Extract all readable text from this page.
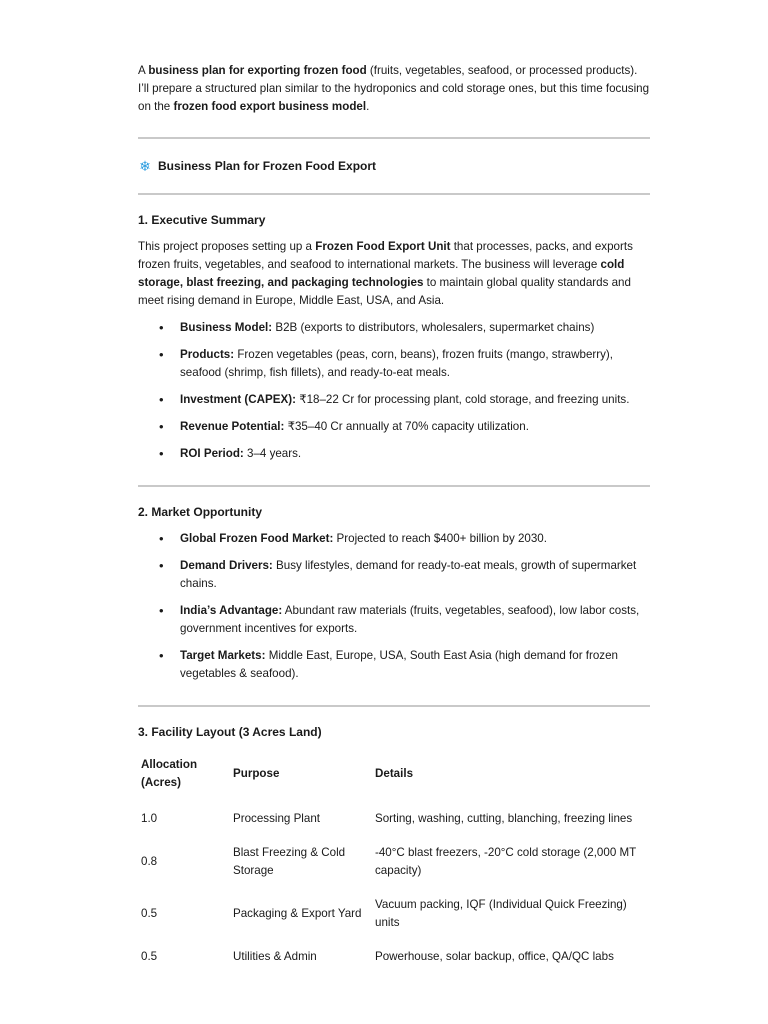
A business plan for exporting frozen food (fruits, vegetables, seafood, or processed products). I’ll prepare a structured plan similar to the hydroponics and cold storage ones, but this time focusing on the frozen food export business model.

❄ Business Plan for Frozen Food Export
1. Executive Summary

This project proposes setting up a Frozen Food Export Unit that processes, packs, and exports frozen fruits, vegetables, and seafood to international markets. The business will leverage cold storage, blast freezing, and packaging technologies to maintain global quality standards and meet rising demand in Europe, Middle East, USA, and Asia.

• Business Model: B2B (exports to distributors, wholesalers, supermarket chains)
• Products: Frozen vegetables (peas, corn, beans), frozen fruits (mango, strawberry), seafood (shrimp, fish fillets), and ready-to-eat meals.
• Investment (CAPEX): ₹18–22 Cr for processing plant, cold storage, and freezing units.
• Revenue Potential: ₹35–40 Cr annually at 70% capacity utilization.
• ROI Period: 3–4 years.
2. Market Opportunity
• Global Frozen Food Market: Projected to reach $400+ billion by 2030.
• Demand Drivers: Busy lifestyles, demand for ready-to-eat meals, growth of supermarket chains.
• India’s Advantage: Abundant raw materials (fruits, vegetables, seafood), low labor costs, government incentives for exports.
• Target Markets: Middle East, Europe, USA, South East Asia (high demand for frozen vegetables & seafood).
3. Facility Layout (3 Acres Land)
Allocation (Acres)	Purpose	Details
1.0	Processing Plant	Sorting, washing, cutting, blanching, freezing lines
0.8	Blast Freezing & Cold Storage	-40°C blast freezers, -20°C cold storage (2,000 MT capacity)
0.5	Packaging & Export Yard	Vacuum packing, IQF (Individual Quick Freezing) units
0.5	Utilities & Admin	Powerhouse, solar backup, office, QA/QC labs
